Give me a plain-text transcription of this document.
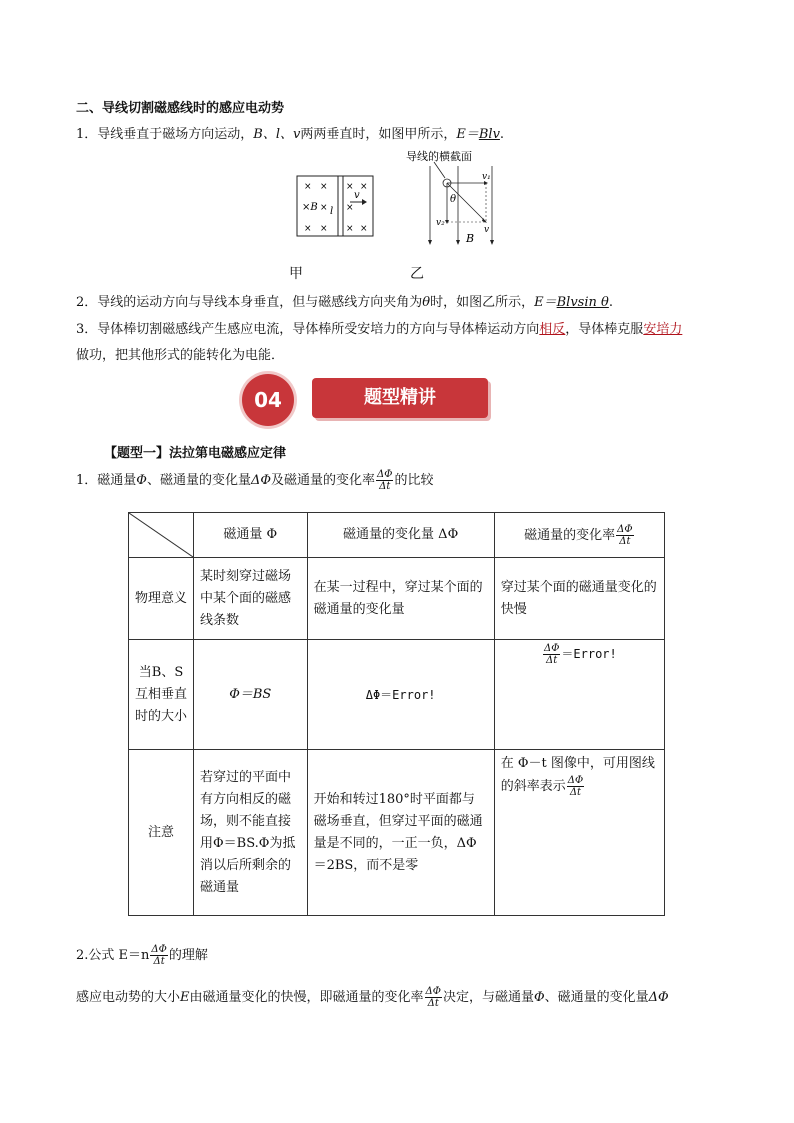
二、导线切割磁感线时的感应电动势
1．导线垂直于磁场方向运动，B、l、v两两垂直时，如图甲所示，E＝Blv.
× × × ×
×B × l
v
×
× × × ×
导线的横截面
θ
v₁
v₂
v
B
甲	乙
2．导线的运动方向与导线本身垂直，但与磁感线方向夹角为θ时，如图乙所示，E＝Blvsin θ.
3．导体棒切割磁感线产生感应电流，导体棒所受安培力的方向与导体棒运动方向相反，导体棒克服安培力
做功，把其他形式的能转化为电能．
04	题型精讲
【题型一】法拉第电磁感应定律
1．磁通量Φ、磁通量的变化量ΔΦ及磁通量的变化率 $\frac{\Delta\Phi}{\Delta t}$ 的比较
	磁通量 Φ	磁通量的变化量 ΔΦ	磁通量的变化率 $\frac{\Delta\Phi}{\Delta t}$

物理意义	某时刻穿过磁场中某个面的磁感线条数	在某一过程中，穿过某个面的磁通量的变化量	穿过某个面的磁通量变化的快慢
当B、S互相垂直时的大小	Φ＝BS	ΔΦ＝Error!	$\frac{\Delta\Phi}{\Delta t}$ ＝Error!
注意	若穿过的平面中有方向相反的磁场，则不能直接用Φ＝BS.Φ为抵消以后所剩余的磁通量	开始和转过180°时平面都与磁场垂直，但穿过平面的磁通量是不同的，一正一负，ΔΦ＝2BS，而不是零	在 Φ－t 图像中，可用图线的斜率表示 $\frac{\Delta\Phi}{\Delta t}$
2.公式 $E=n \frac{\Delta\Phi}{\Delta t}$ 的理解
感应电动势的大小E由磁通量变化的快慢，即磁通量的变化率 $\frac{\Delta\Phi}{\Delta t}$ 决定，与磁通量Φ、磁通量的变化量ΔΦ
